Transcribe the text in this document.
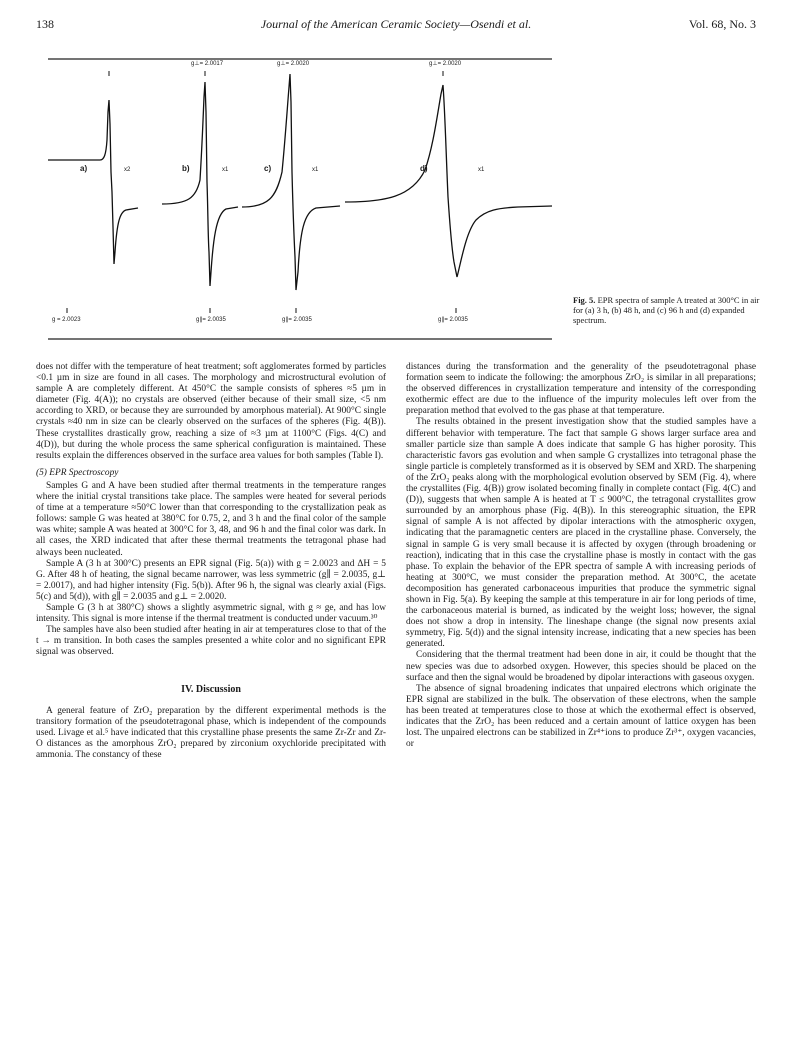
138	Journal of the American Ceramic Society—Osendi et al.	Vol. 68, No. 3
g⊥= 2.0017	g⊥= 2.0020	g⊥= 2.0020
a)	b)	c)	d)
x2	x1	x1	x1
g = 2.0023	g∥= 2.0035	g∥= 2.0035	g∥= 2.0035
Fig. 5. EPR spectra of sample A treated at 300°C in air for (a) 3 h, (b) 48 h, and (c) 96 h and (d) expanded spectrum.

does not differ with the temperature of heat treatment; soft agglomerates formed by particles <0.1 µm in size are found in all cases. The morphology and microstructural evolution of sample A are completely different. At 450°C the sample consists of spheres ≈5 µm in diameter (Fig. 4(A)); no crystals are observed (either because of their small size, <5 nm according to XRD, or because they are surrounded by amorphous material). At 900°C single crystals ≈40 nm in size can be clearly observed on the surfaces of the spheres (Fig. 4(B)). These crystallites drastically grow, reaching a size of ≈3 µm at 1100°C (Figs. 4(C) and 4(D)), but during the whole process the same spherical configuration is maintained. These results explain the differences observed in the surface area values for both samples (Table I).

(5) EPR Spectroscopy

Samples G and A have been studied after thermal treatments in the temperature ranges where the initial crystal transitions take place. The samples were heated for several periods of time at a temperature ≈50°C lower than that corresponding to the crystallization peak as follows: sample G was heated at 380°C for 0.75, 2, and 3 h and the final color of the sample was white; sample A was heated at 300°C for 3, 48, and 96 h and the final color was dark. In all cases, the XRD indicated that after these thermal treatments the tetragonal phase had always been nucleated.

Sample A (3 h at 300°C) presents an EPR signal (Fig. 5(a)) with g = 2.0023 and ΔH = 5 G. After 48 h of heating, the signal became narrower, was less symmetric (g∥ = 2.0035, g⊥ = 2.0017), and had higher intensity (Fig. 5(b)). After 96 h, the signal was clearly axial (Figs. 5(c) and 5(d)), with g∥ = 2.0035 and g⊥ = 2.0020.

Sample G (3 h at 380°C) shows a slightly asymmetric signal, with g ≈ ge, and has low intensity. This signal is more intense if the thermal treatment is conducted under vacuum.³⁰

The samples have also been studied after heating in air at temperatures close to that of the t → m transition. In both cases the samples presented a white color and no significant EPR signal was observed.

IV. Discussion

A general feature of ZrO₂ preparation by the different experimental methods is the transitory formation of the pseudotetragonal phase, which is independent of the compounds used. Livage et al.⁵ have indicated that this crystalline phase presents the same Zr-Zr and Zr-O distances as the amorphous ZrO₂ prepared by zirconium oxychloride precipitated with ammonia. The constancy of these

distances during the transformation and the generality of the pseudotetragonal phase formation seem to indicate the following: the amorphous ZrO₂ is similar in all preparations; the observed differences in crystallization temperature and intensity of the corresponding exothermic effect are due to the influence of the impurity molecules left over from the preparation method that evolved to the gas phase at that temperature.

The results obtained in the present investigation show that the studied samples have a different behavior with temperature. The fact that sample G shows larger surface area and smaller particle size than sample A does indicate that sample G has higher porosity. This characteristic favors gas evolution and when sample G crystallizes into tetragonal phase the single particle is completely transformed as it is observed by SEM and XRD. The sharpening of the ZrO₂ peaks along with the morphological evolution observed by SEM (Fig. 4), where the crystallites (Fig. 4(B)) grow isolated becoming finally in complete contact (Fig. 4(C) and (D)), suggests that when sample A is heated at T ≤ 900°C, the tetragonal crystallites grow surrounded by an amorphous phase (Fig. 4(B)). In this stereographic situation, the EPR signal of sample A is not affected by dipolar interactions with the atmospheric oxygen, indicating that the paramagnetic centers are placed in the crystalline phase. Conversely, the signal in sample G is very small because it is affected by oxygen (through broadening or reaction), indicating that in this case the crystalline phase is mostly in contact with the gas phase. To explain the behavior of the EPR spectra of sample A with increasing periods of heating at 300°C, we must consider the preparation method. At 300°C, the acetate decomposition has generated carbonaceous impurities that produce the symmetric signal shown in Fig. 5(a). By keeping the sample at this temperature in air for long periods of time, the carbonaceous material is burned, as indicated by the weight loss; however, the signal does not show a drop in intensity. The lineshape change (the signal now presents axial symmetry, Fig. 5(d)) and the signal intensity increase, indicating that a new species has been generated.

Considering that the thermal treatment had been done in air, it could be thought that the new species was due to adsorbed oxygen. However, this species should be placed on the surface and then the signal would be broadened by dipolar interactions with gaseous oxygen.

The absence of signal broadening indicates that unpaired electrons which originate the EPR signal are stabilized in the bulk. The observation of these electrons, when the sample has been treated at temperatures close to those at which the exothermal effect is observed, indicates that the ZrO₂ has been reduced and a certain amount of lattice oxygen has been lost. The unpaired electrons can be stabilized in Zr⁴⁺ions to produce Zr³⁺, oxygen vacancies, or
